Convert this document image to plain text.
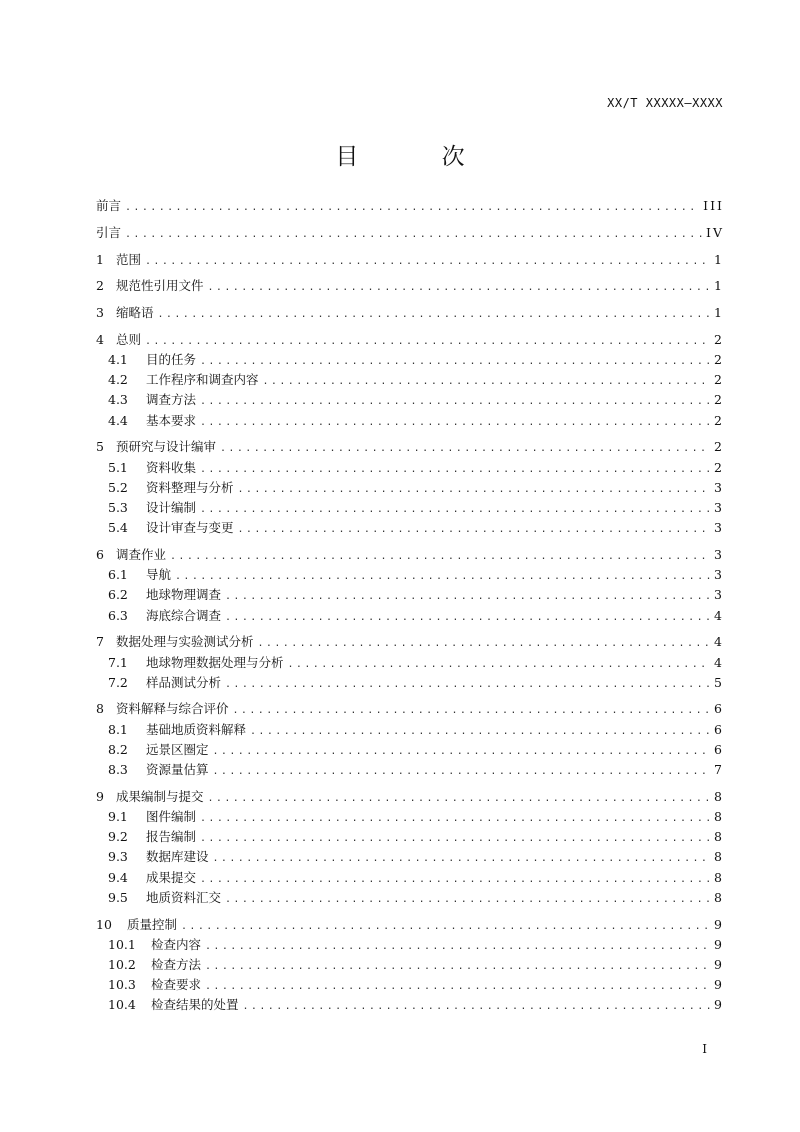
XX/T XXXXX—XXXX
目 次
前言 .....	III
引言 .....	IV
1 范围 .....	1
2 规范性引用文件 .....	1
3 缩略语 .....	1
4 总则 .....	2
4.1	目的任务 .....	2
4.2	工作程序和调查内容 .....	2
4.3	调查方法 .....	2
4.4	基本要求 .....	2
5 预研究与设计编审 .....	2
5.1	资料收集 .....	2
5.2	资料整理与分析 .....	3
5.3	设计编制 .....	3
5.4	设计审查与变更 .....	3
6 调查作业 .....	3
6.1	导航 .....	3
6.2	地球物理调查 .....	3
6.3	海底综合调查 .....	4
7 数据处理与实验测试分析 .....	4
7.1	地球物理数据处理与分析 .....	4
7.2	样品测试分析 .....	5
8 资料解释与综合评价 .....	6
8.1	基础地质资料解释 .....	6
8.2	远景区圈定 .....	6
8.3	资源量估算 .....	7
9 成果编制与提交 .....	8
9.1	图件编制 .....	8
9.2	报告编制 .....	8
9.3	数据库建设 .....	8
9.4	成果提交 .....	8
9.5	地质资料汇交 .....	8
10	质量控制 .....	9
10.1	检查内容 .....	9
10.2	检查方法 .....	9
10.3	检查要求 .....	9
10.4	检查结果的处置 .....	9
I
